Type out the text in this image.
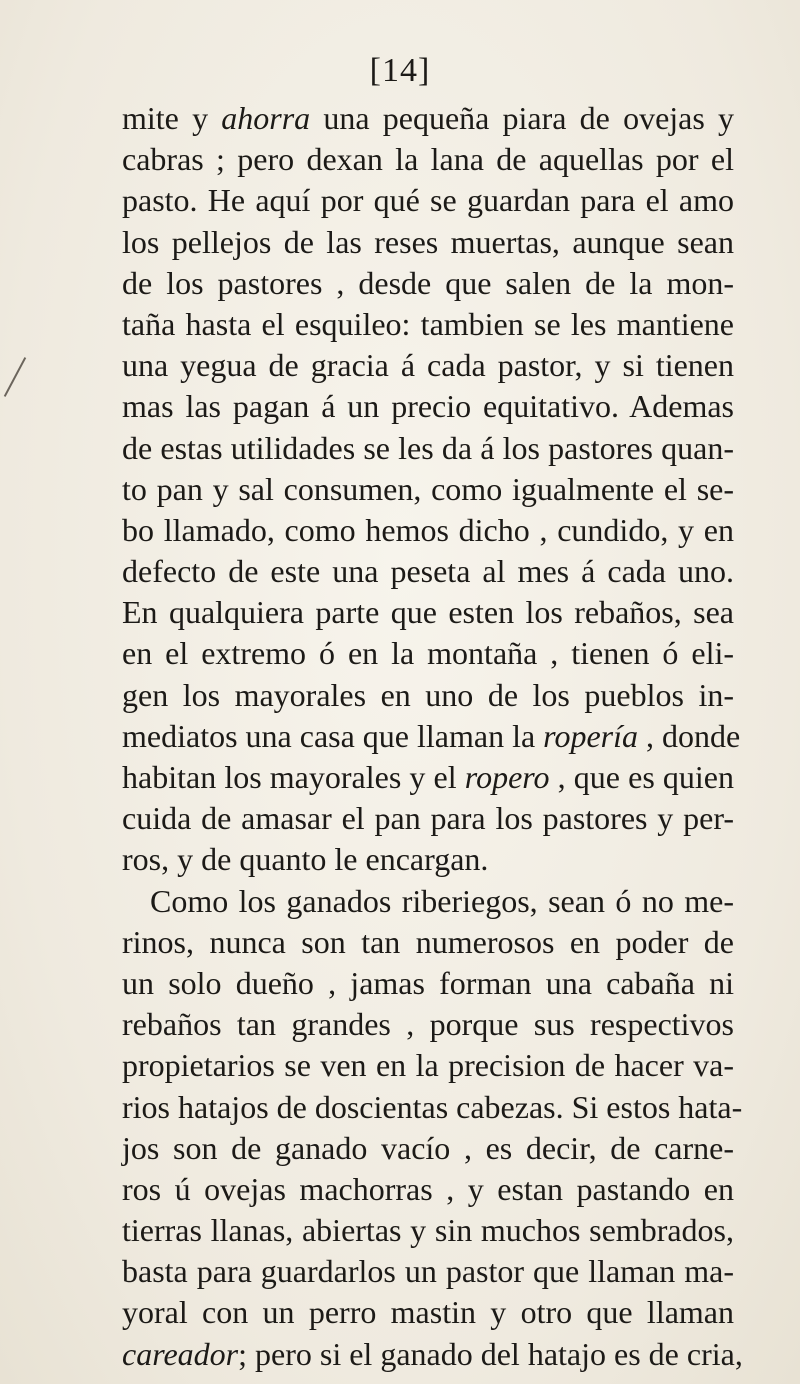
[14]
mite y ahorra una pequeña piara de ovejas y
cabras ; pero dexan la lana de aquellas por el
pasto. He aquí por qué se guardan para el amo
los pellejos de las reses muertas, aunque sean
de los pastores , desde que salen de la mon-
taña hasta el esquileo: tambien se les mantiene
una yegua de gracia á cada pastor, y si tienen
mas las pagan á un precio equitativo. Ademas
de estas utilidades se les da á los pastores quan-
to pan y sal consumen, como igualmente el se-
bo llamado, como hemos dicho , cundido, y en
defecto de este una peseta al mes á cada uno.
En qualquiera parte que esten los rebaños, sea
en el extremo ó en la montaña , tienen ó eli-
gen los mayorales en uno de los pueblos in-
mediatos una casa que llaman la ropería , donde
habitan los mayorales y el ropero , que es quien
cuida de amasar el pan para los pastores y per-
ros, y de quanto le encargan.
Como los ganados riberiegos, sean ó no me-
rinos, nunca son tan numerosos en poder de
un solo dueño , jamas forman una cabaña ni
rebaños tan grandes , porque sus respectivos
propietarios se ven en la precision de hacer va-
rios hatajos de doscientas cabezas. Si estos hata-
jos son de ganado vacío , es decir, de carne-
ros ú ovejas machorras , y estan pastando en
tierras llanas, abiertas y sin muchos sembrados,
basta para guardarlos un pastor que llaman ma-
yoral con un perro mastin y otro que llaman
careador; pero si el ganado del hatajo es de cria,
